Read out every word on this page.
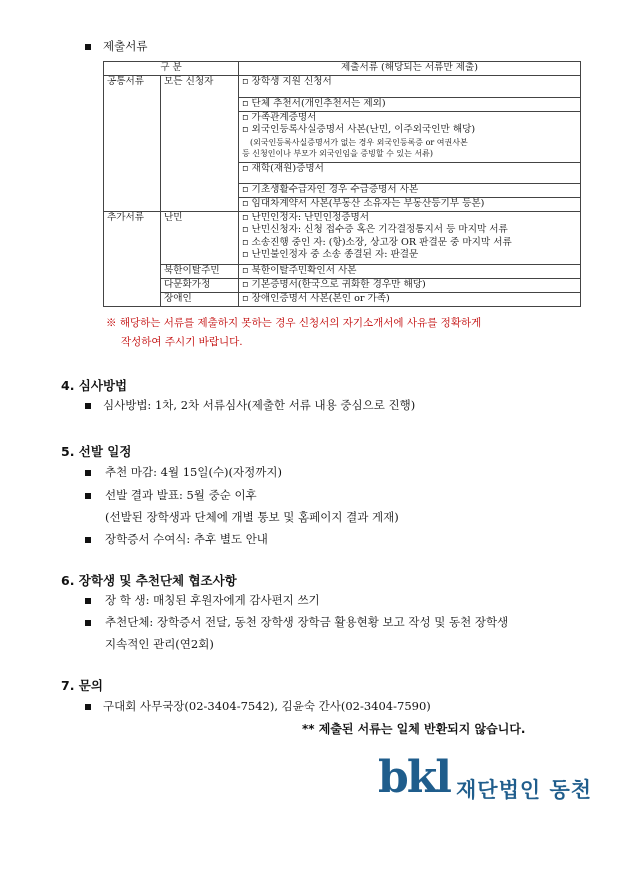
제출서류
구 분		제출서류 (해당되는 서류만 제출)
공통서류	모든 신청자	▫ 장학생 지원 신청서
		▫ 단체 추천서(개인추천서는 제외)

		▫ 가족관계증명서
▫ 외국인등록사실증명서 사본(난민, 이주외국인만 해당)
(외국인등록사실증명서가 없는 경우 외국인등록증 or 여권사본
등 신청인이나 부모가 외국인임을 증빙할 수 있는 서류)

		▫ 재학(재원)증명서
		▫ 기초생활수급자인 경우 수급증명서 사본
		▫ 임대차계약서 사본(부동산 소유자는 부동산등기부 등본)
추가서류	난민	▫ 난민인정자: 난민인정증명서
▫ 난민신청자: 신청 접수증 혹은 기각결정통지서 등 마지막 서류
▫ 소송진행 중인 자: (항)소장, 상고장 OR 판결문 중 마지막 서류
▫ 난민불인정자 중 소송 종결된 자: 판결문

	북한이탈주민	▫ 북한이탈주민확인서 사본
	다문화가정	▫ 기본증명서(한국으로 귀화한 경우만 해당)
	장애인	▫ 장애인증명서 사본(본인 or 가족)
※ 해당하는 서류를 제출하지 못하는 경우 신청서의 자기소개서에 사유를 정확하게
작성하여 주시기 바랍니다.
4. 심사방법
심사방법: 1차, 2차 서류심사(제출한 서류 내용 중심으로 진행)
5. 선발 일정
추천 마감: 4월 15일(수)(자정까지)
선발 결과 발표: 5월 중순 이후
(선발된 장학생과 단체에 개별 통보 및 홈페이지 결과 게재)
장학증서 수여식: 추후 별도 안내
6. 장학생 및 추천단체 협조사항
장 학 생: 매칭된 후원자에게 감사편지 쓰기
추천단체: 장학증서 전달, 동천 장학생 장학금 활용현황 보고 작성 및 동천 장학생
지속적인 관리(연2회)
7. 문의
구대회 사무국장(02-3404-7542), 김윤숙 간사(02-3404-7590)
** 제출된 서류는 일체 반환되지 않습니다.
bkl 재단법인 동천
